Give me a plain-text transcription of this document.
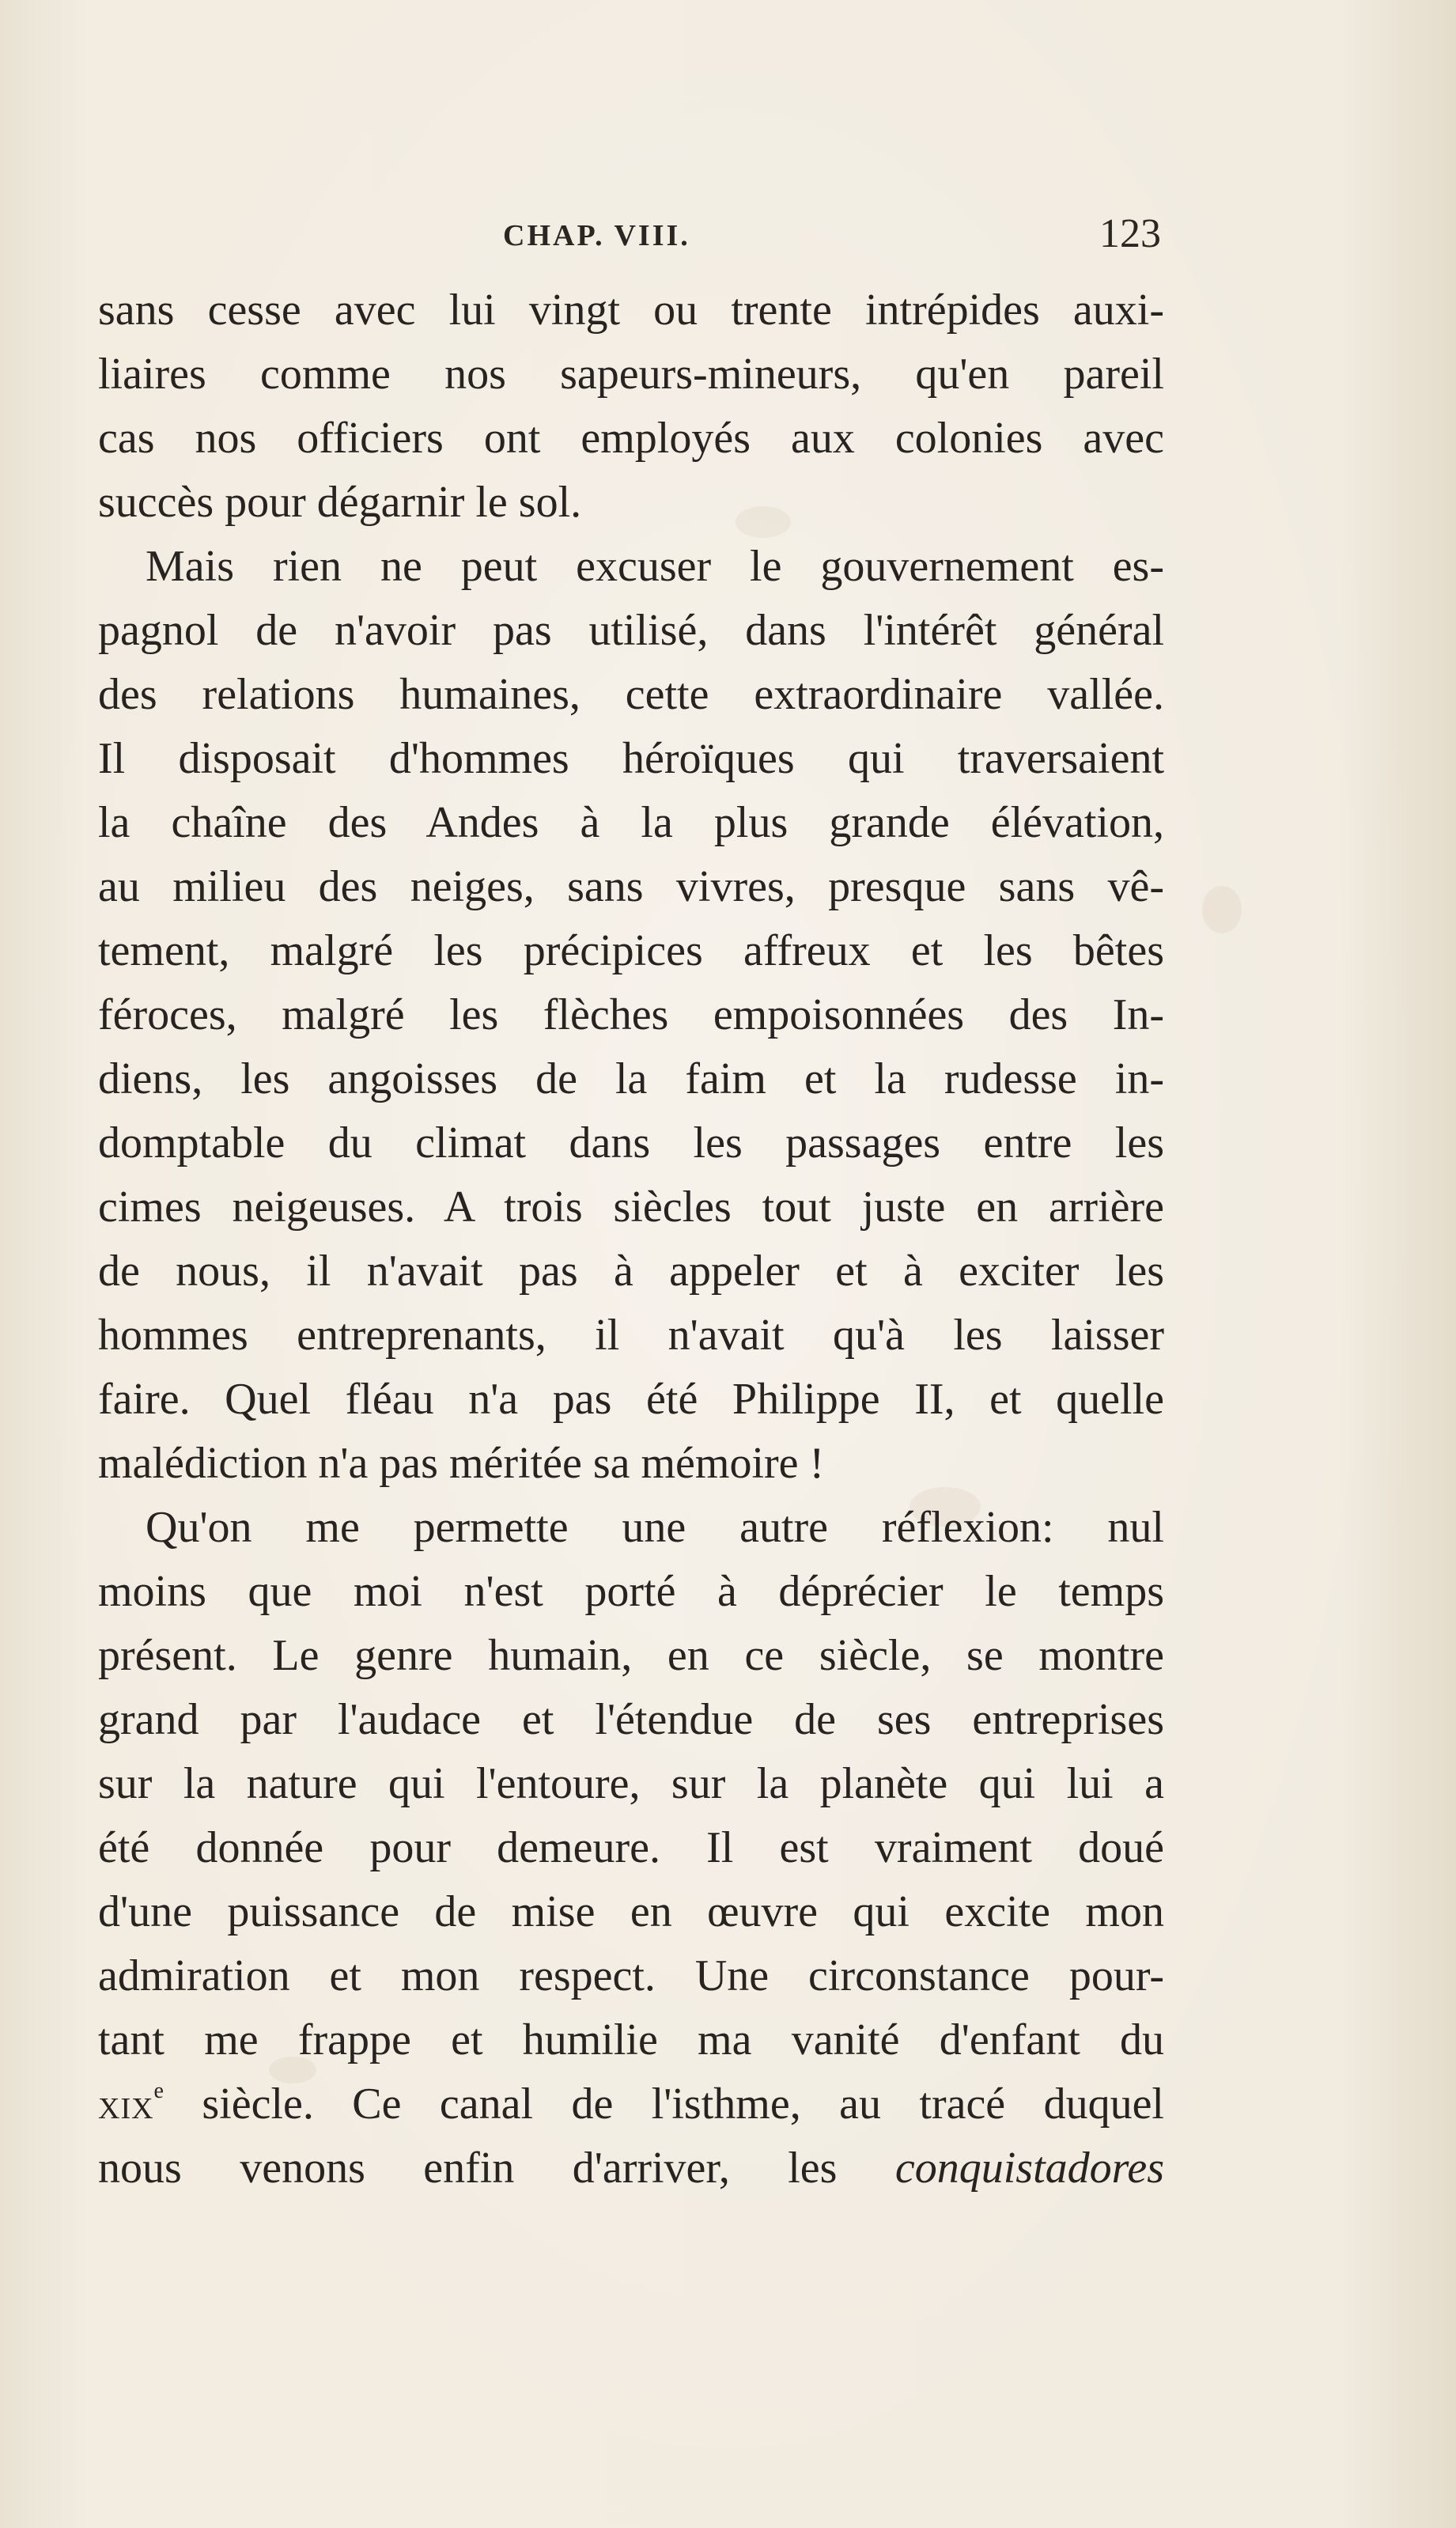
CHAP. VIII.	123
sans cesse avec lui vingt ou trente intrépides auxi-
liaires comme nos sapeurs-mineurs, qu'en pareil
cas nos officiers ont employés aux colonies avec
succès pour dégarnir le sol.
Mais rien ne peut excuser le gouvernement es-
pagnol de n'avoir pas utilisé, dans l'intérêt général
des relations humaines, cette extraordinaire vallée.
Il disposait d'hommes héroïques qui traversaient
la chaîne des Andes à la plus grande élévation,
au milieu des neiges, sans vivres, presque sans vê-
tement, malgré les précipices affreux et les bêtes
féroces, malgré les flèches empoisonnées des In-
diens, les angoisses de la faim et la rudesse in-
domptable du climat dans les passages entre les
cimes neigeuses. A trois siècles tout juste en arrière
de nous, il n'avait pas à appeler et à exciter les
hommes entreprenants, il n'avait qu'à les laisser
faire. Quel fléau n'a pas été Philippe II, et quelle
malédiction n'a pas méritée sa mémoire !
Qu'on me permette une autre réflexion: nul
moins que moi n'est porté à déprécier le temps
présent. Le genre humain, en ce siècle, se montre
grand par l'audace et l'étendue de ses entreprises
sur la nature qui l'entoure, sur la planète qui lui a
été donnée pour demeure. Il est vraiment doué
d'une puissance de mise en œuvre qui excite mon
admiration et mon respect. Une circonstance pour-
tant me frappe et humilie ma vanité d'enfant du
XIXe siècle. Ce canal de l'isthme, au tracé duquel
nous venons enfin d'arriver, les conquistadores
